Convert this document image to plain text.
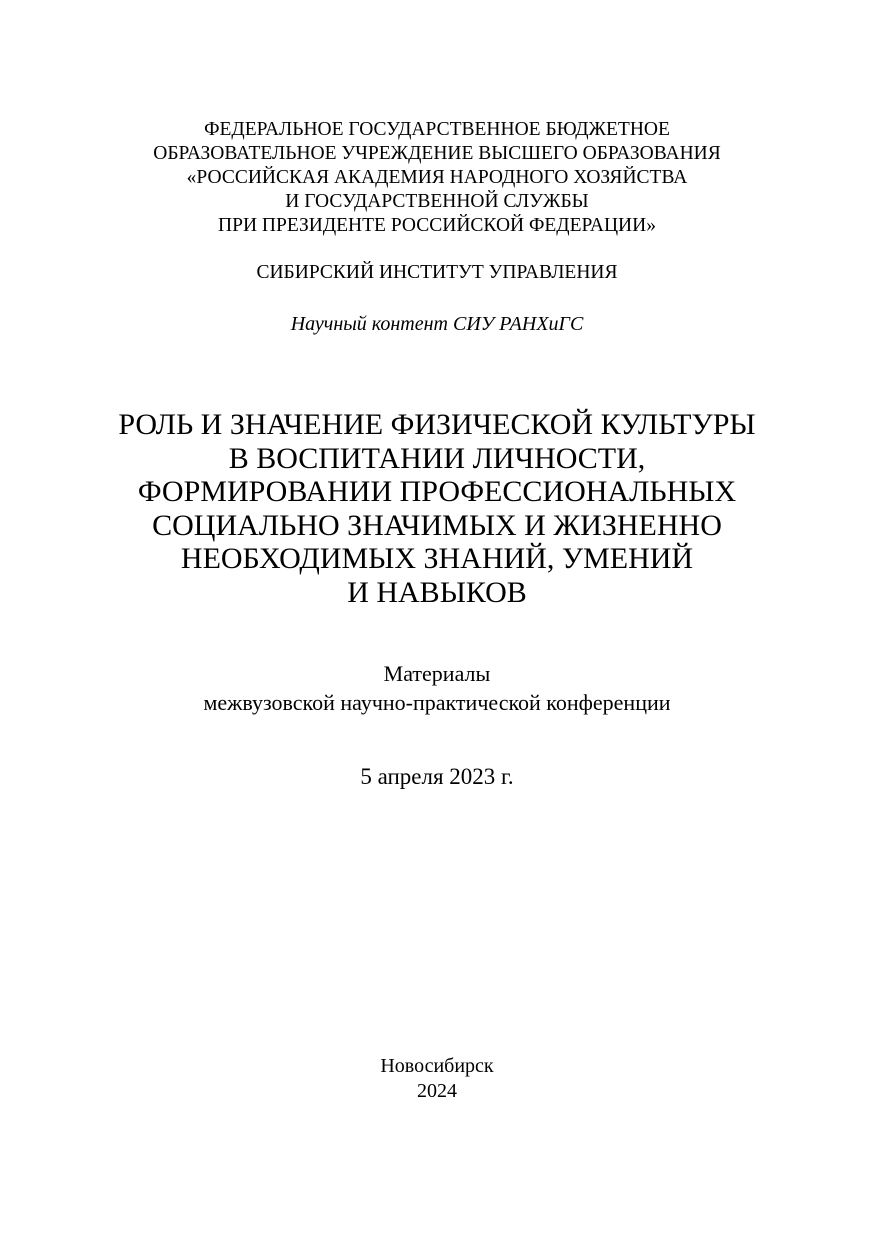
ФЕДЕРАЛЬНОЕ ГОСУДАРСТВЕННОЕ БЮДЖЕТНОЕ
ОБРАЗОВАТЕЛЬНОЕ УЧРЕЖДЕНИЕ ВЫСШЕГО ОБРАЗОВАНИЯ
«РОССИЙСКАЯ АКАДЕМИЯ НАРОДНОГО ХОЗЯЙСТВА
И ГОСУДАРСТВЕННОЙ СЛУЖБЫ
ПРИ ПРЕЗИДЕНТЕ РОССИЙСКОЙ ФЕДЕРАЦИИ»
СИБИРСКИЙ ИНСТИТУТ УПРАВЛЕНИЯ
Научный контент СИУ РАНХиГС
РОЛЬ И ЗНАЧЕНИЕ ФИЗИЧЕСКОЙ КУЛЬТУРЫ
В ВОСПИТАНИИ ЛИЧНОСТИ,
ФОРМИРОВАНИИ ПРОФЕССИОНАЛЬНЫХ
СОЦИАЛЬНО ЗНАЧИМЫХ И ЖИЗНЕННО
НЕОБХОДИМЫХ ЗНАНИЙ, УМЕНИЙ
И НАВЫКОВ
Материалы
межвузовской научно-практической конференции
5 апреля 2023 г.
Новосибирск
2024
